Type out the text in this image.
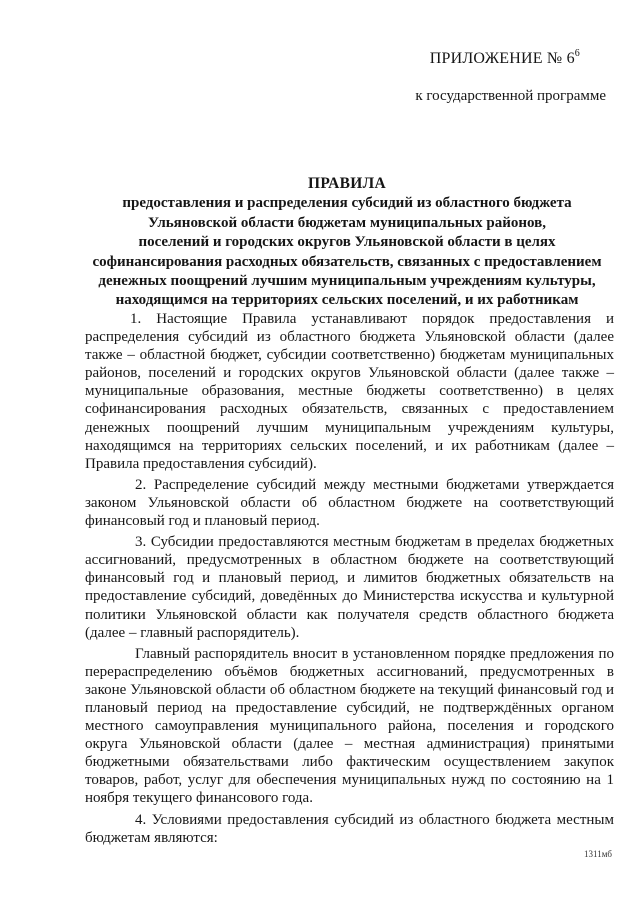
ПРИЛОЖЕНИЕ № $6^6$
к государственной программе
ПРАВИЛА
предоставления и распределения субсидий из областного бюджета
Ульяновской области бюджетам муниципальных районов,
поселений и городских округов Ульяновской области в целях
софинансирования расходных обязательств, связанных с предоставлением
денежных поощрений лучшим муниципальным учреждениям культуры,
находящимся на территориях сельских поселений, и их работникам

1. Настоящие Правила устанавливают порядок предоставления и распределения субсидий из областного бюджета Ульяновской области (далее также – областной бюджет, субсидии соответственно) бюджетам муниципальных районов, поселений и городских округов Ульяновской области (далее также – муниципальные образования, местные бюджеты соответственно) в целях софинансирования расходных обязательств, связанных с предоставлением денежных поощрений лучшим муниципальным учреждениям культуры, находящимся на территориях сельских поселений, и их работникам (далее – Правила предоставления субсидий).

2. Распределение субсидий между местными бюджетами утверждается законом Ульяновской области об областном бюджете на соответствующий финансовый год и плановый период.

3. Субсидии предоставляются местным бюджетам в пределах бюджетных ассигнований, предусмотренных в областном бюджете на соответствующий финансовый год и плановый период, и лимитов бюджетных обязательств на предоставление субсидий, доведённых до Министерства искусства и культурной политики Ульяновской области как получателя средств областного бюджета (далее – главный распорядитель).

Главный распорядитель вносит в установленном порядке предложения по перераспределению объёмов бюджетных ассигнований, предусмотренных в законе Ульяновской области об областном бюджете на текущий финансовый год и плановый период на предоставление субсидий, не подтверждённых органом местного самоуправления муниципального района, поселения и городского округа Ульяновской области (далее – местная администрация) принятыми бюджетными обязательствами либо фактическим осуществлением закупок товаров, работ, услуг для обеспечения муниципальных нужд по состоянию на 1 ноября текущего финансового года.

4. Условиями предоставления субсидий из областного бюджета местным бюджетам являются:

1311мб
